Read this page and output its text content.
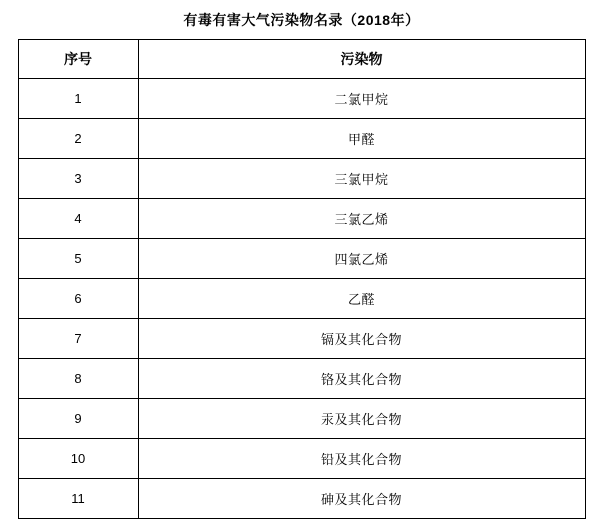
有毒有害大气污染物名录（2018年）
序号	污染物
1	二氯甲烷
2	甲醛
3	三氯甲烷
4	三氯乙烯
5	四氯乙烯
6	乙醛
7	镉及其化合物
8	铬及其化合物
9	汞及其化合物
10	铅及其化合物
11	砷及其化合物
